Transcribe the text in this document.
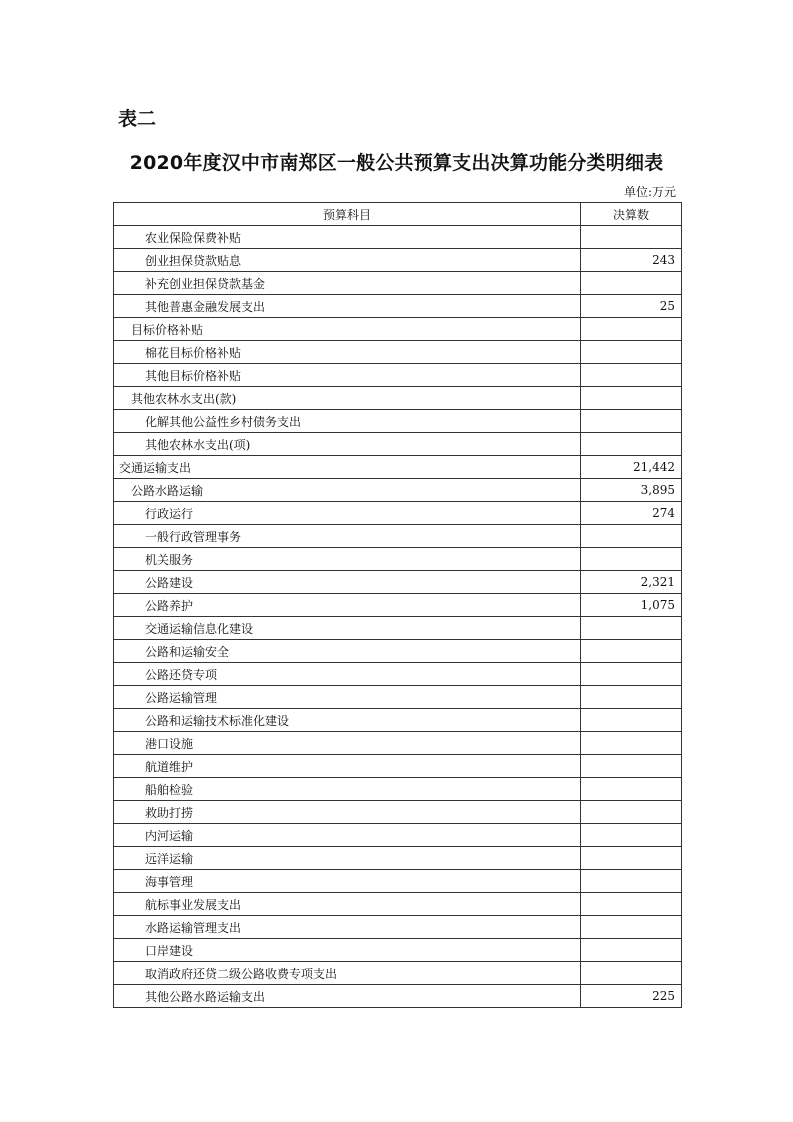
表二
2020年度汉中市南郑区一般公共预算支出决算功能分类明细表
单位:万元
预算科目	决算数
农业保险保费补贴	
创业担保贷款贴息	243
补充创业担保贷款基金	
其他普惠金融发展支出	25
目标价格补贴	
棉花目标价格补贴	
其他目标价格补贴	
其他农林水支出(款)	
化解其他公益性乡村债务支出	
其他农林水支出(项)	
交通运输支出	21,442
公路水路运输	3,895
行政运行	274
一般行政管理事务	
机关服务	
公路建设	2,321
公路养护	1,075
交通运输信息化建设	
公路和运输安全	
公路还贷专项	
公路运输管理	
公路和运输技术标准化建设	
港口设施	
航道维护	
船舶检验	
救助打捞	
内河运输	
远洋运输	
海事管理	
航标事业发展支出	
水路运输管理支出	
口岸建设	
取消政府还贷二级公路收费专项支出	
其他公路水路运输支出	225
